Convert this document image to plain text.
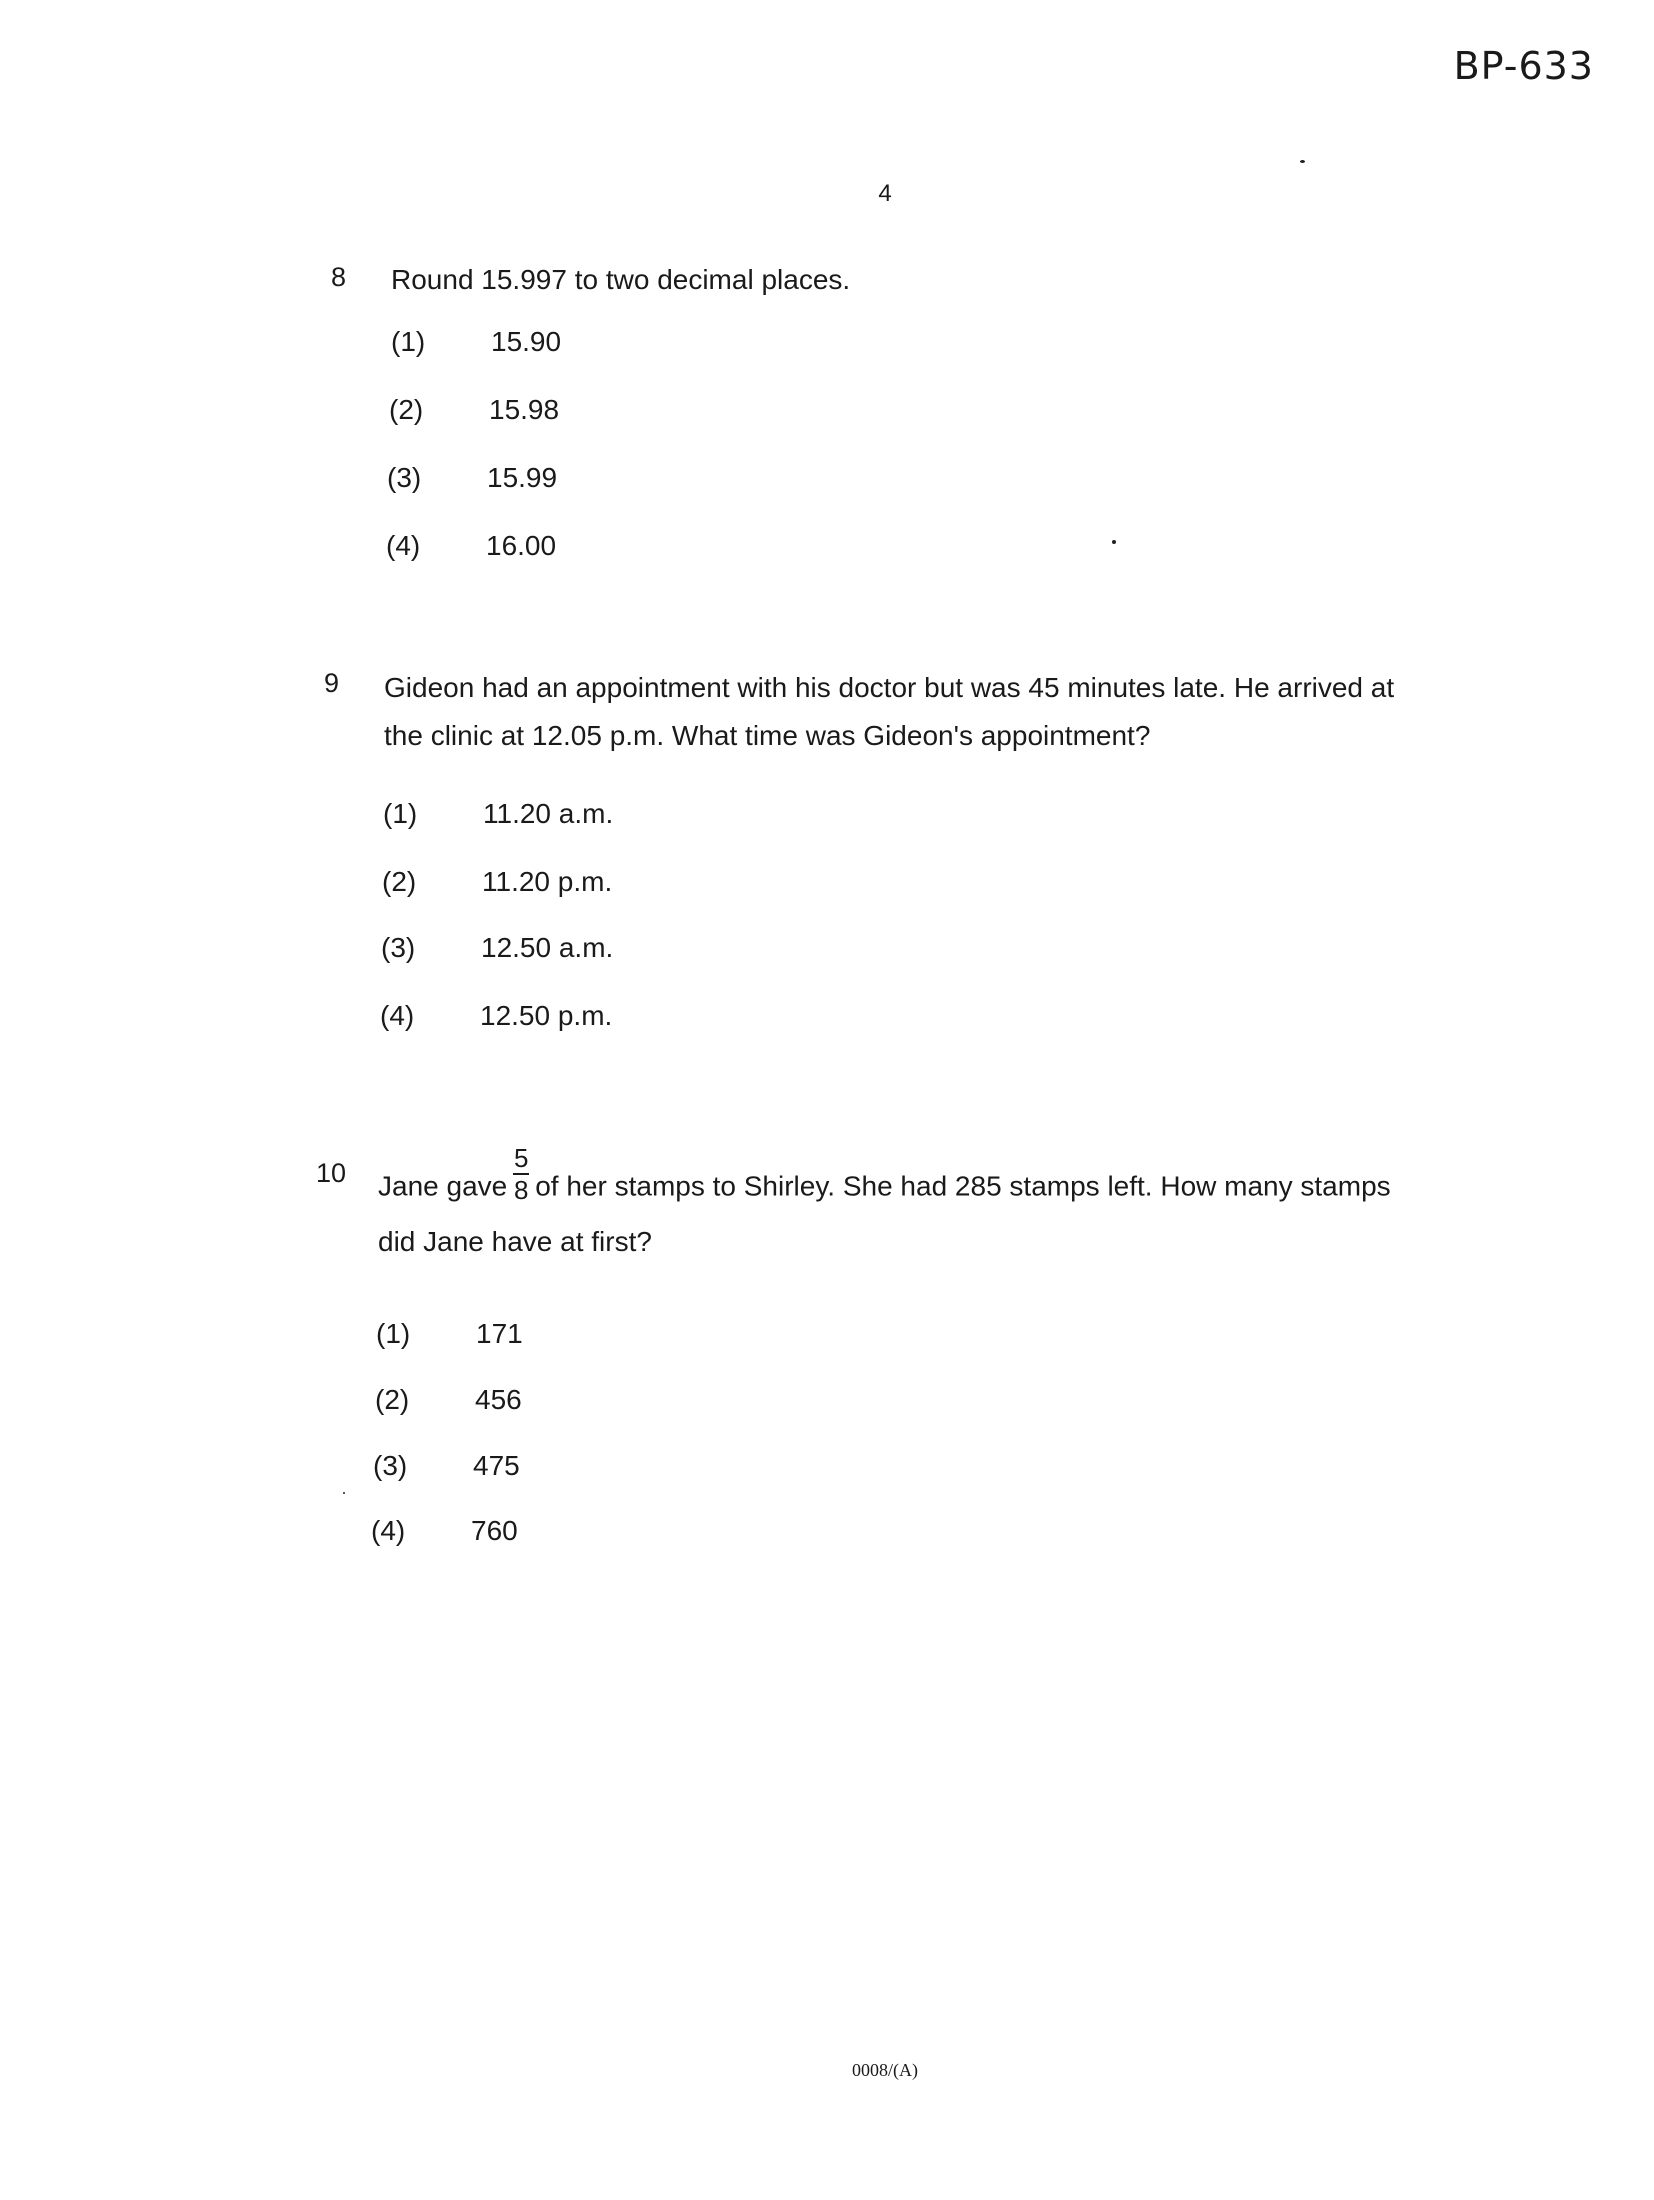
BP-633
4
8 Round 15.997 to two decimal places.
(1) 15.90
(2) 15.98
(3) 15.99
(4) 16.00
9 Gideon had an appointment with his doctor but was 45 minutes late. He arrived at
the clinic at 12.05 p.m. What time was Gideon's appointment?
(1) 11.20 a.m.
(2) 11.20 p.m.
(3) 12.50 a.m.
(4) 12.50 p.m.
10 Jane gave $\frac{5}{8}$ of her stamps to Shirley. She had 285 stamps left. How many stamps
did Jane have at first?
(1) 171
(2) 456
(3) 475
(4) 760
0008/(A)
